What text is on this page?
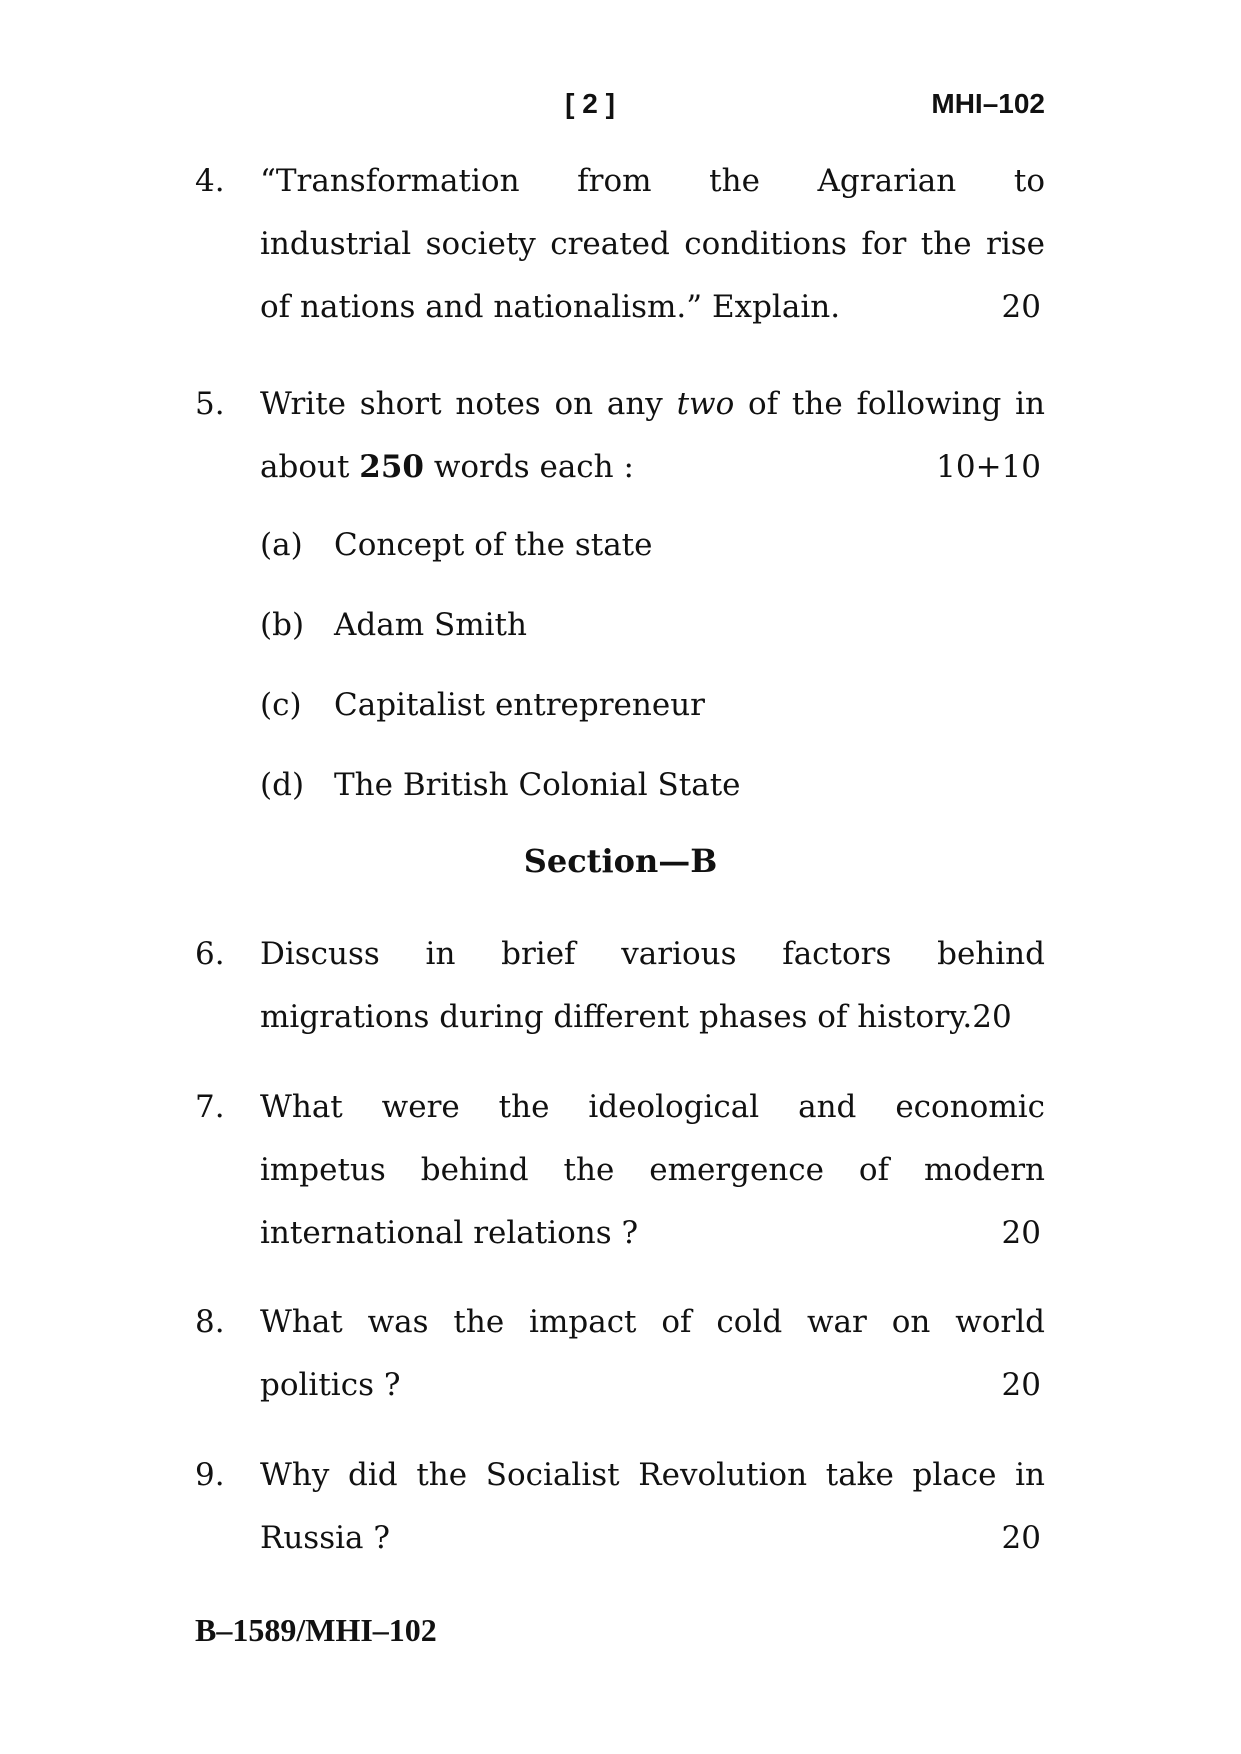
[ 2 ]	MHI–102
4. “Transformation from the Agrarian to
industrial society created conditions for the rise
of nations and nationalism.” Explain.	20
5. Write short notes on any two of the following in
about 250 words each :	10+10
(a) Concept of the state
(b) Adam Smith
(c) Capitalist entrepreneur
(d) The British Colonial State
Section—B
6. Discuss in brief various factors behind
migrations during different phases of history.20
7. What were the ideological and economic
impetus behind the emergence of modern
international relations ?	20
8. What was the impact of cold war on world
politics ?	20
9. Why did the Socialist Revolution take place in
Russia ?	20
B–1589/MHI–102
